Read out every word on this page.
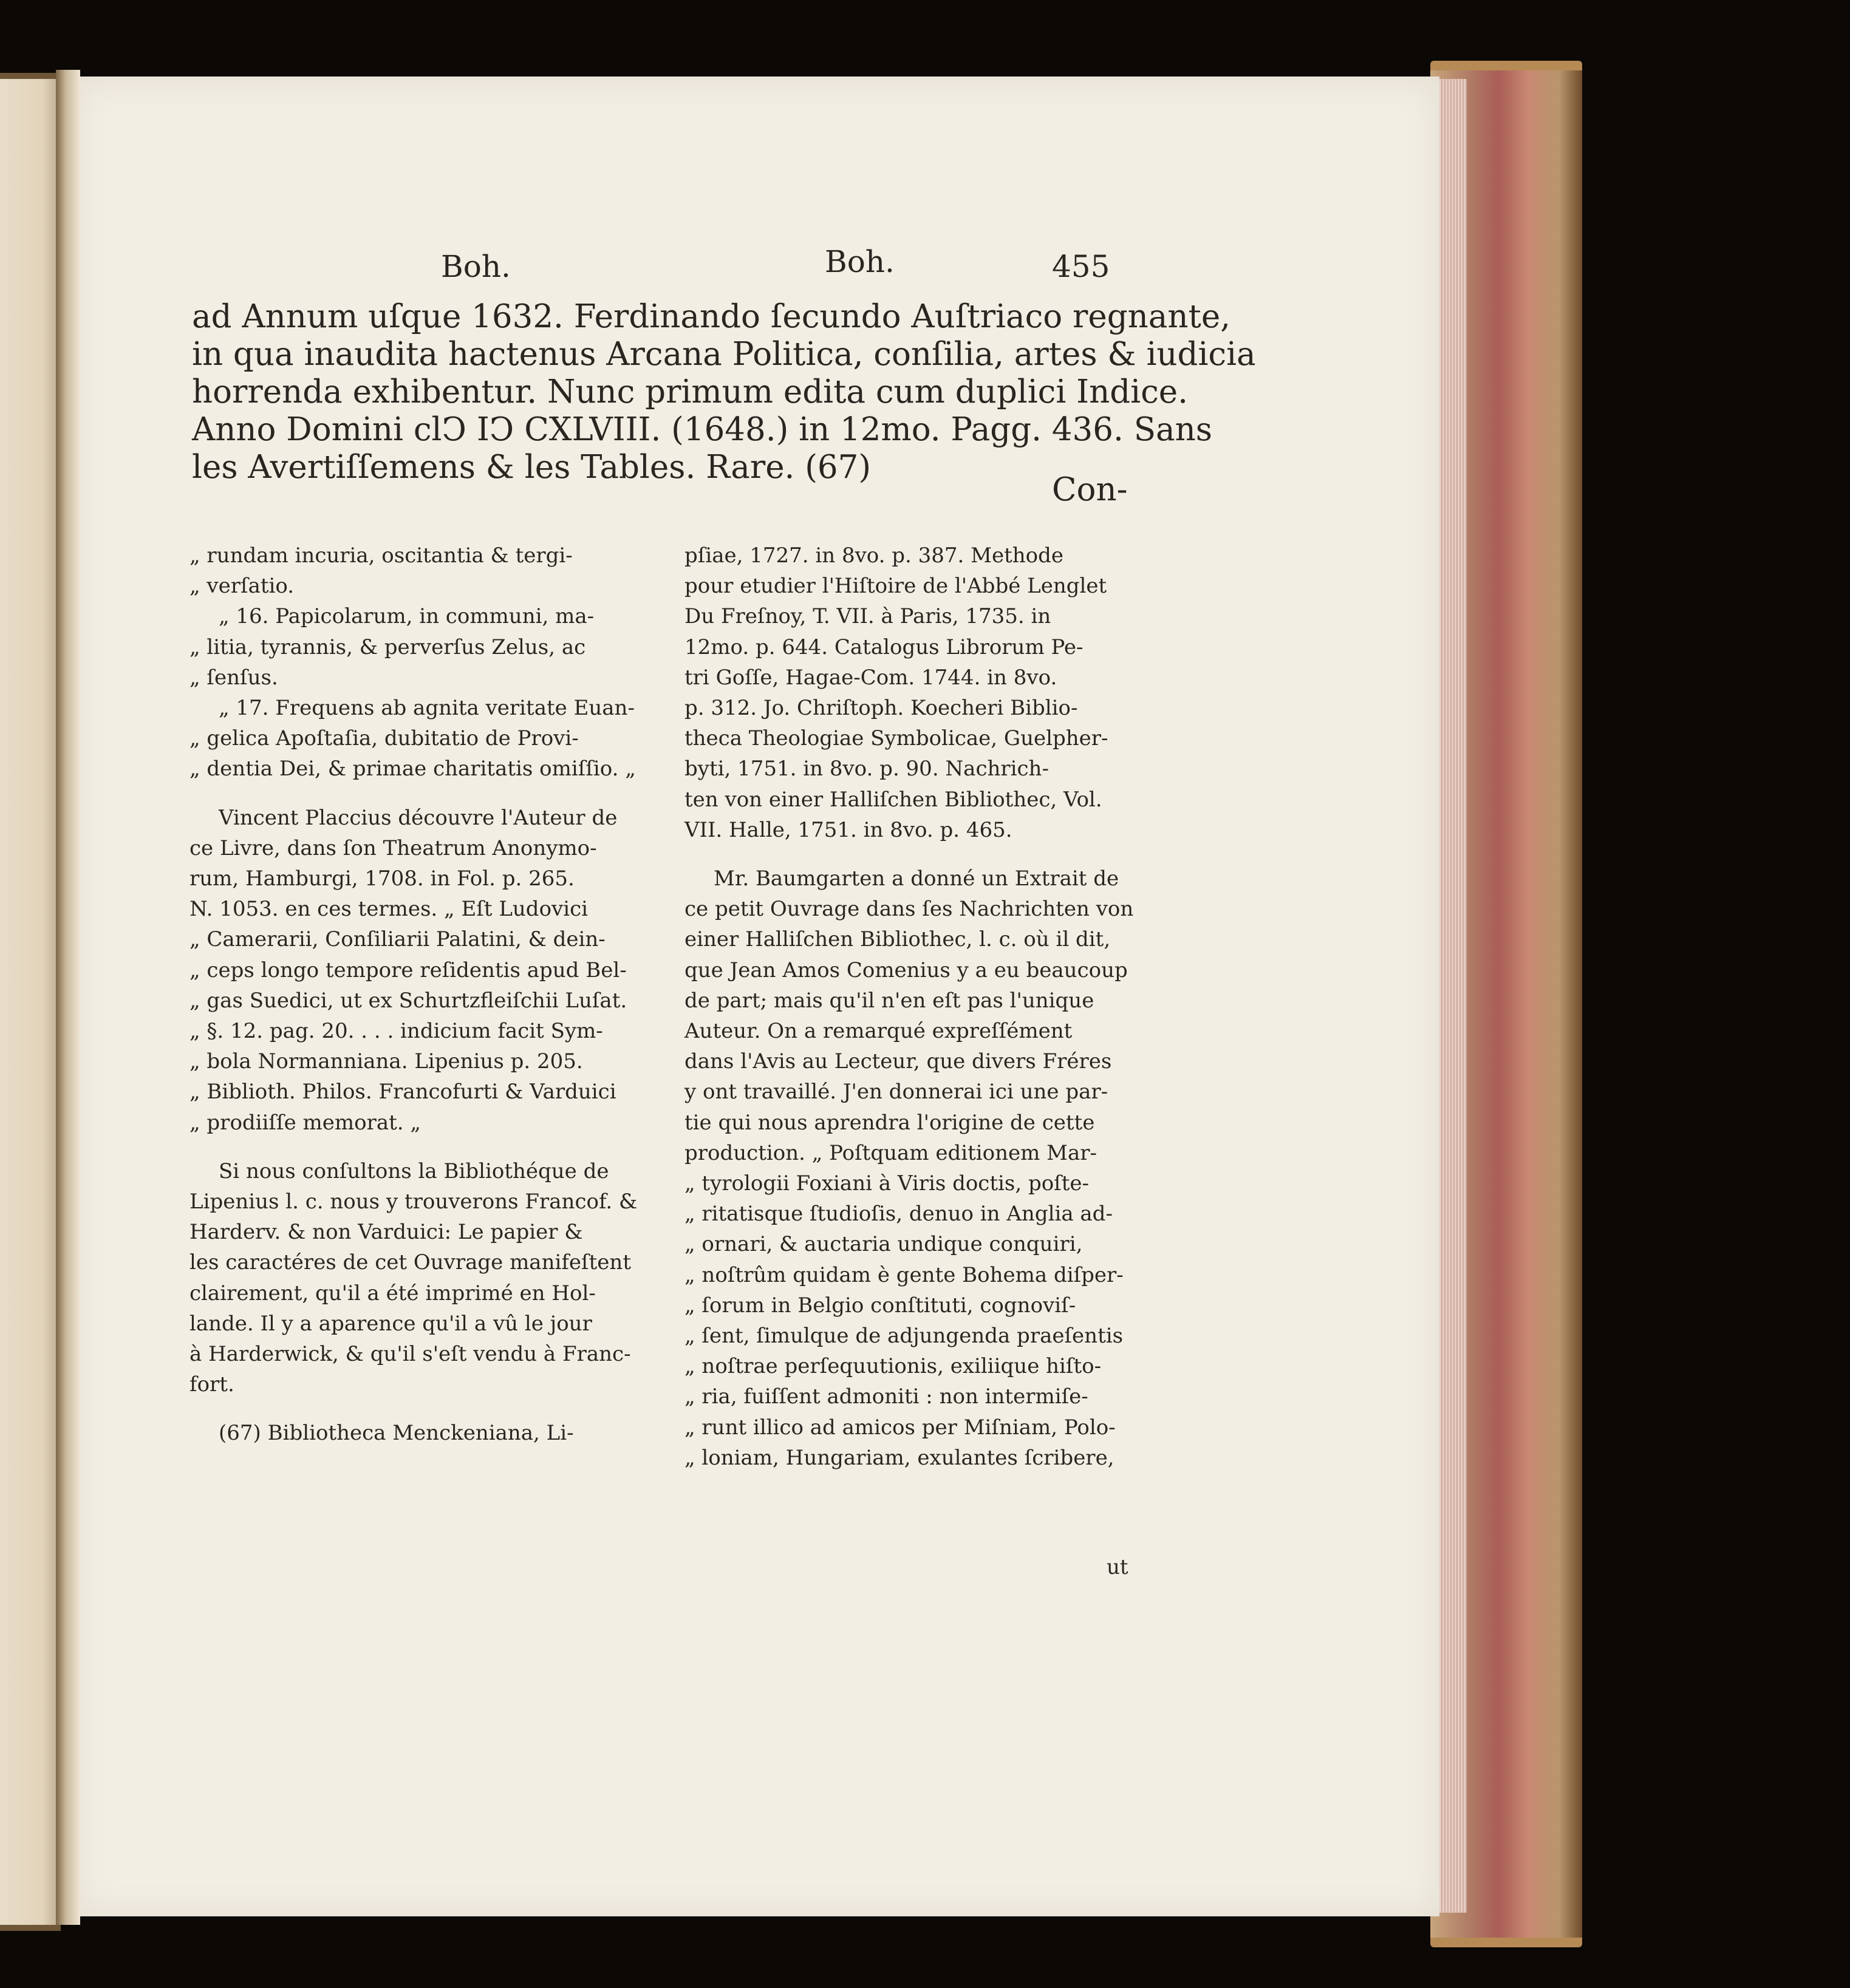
Boh.	Boh.	455
ad Annum uſque 1632. Ferdinando ſecundo Auſtriaco regnante,
in qua inaudita hactenus Arcana Politica, conſilia, artes & iudicia
horrenda exhibentur. Nunc primum edita cum duplici Indice.
Anno Domini clↃ IↃ CXLVIII. (1648.) in 12mo. Pagg. 436. Sans
les Avertiſſemens & les Tables. Rare. (67)
Con-
„ rundam incuria, oscitantia & tergi-
„ verſatio.
„ 16. Papicolarum, in communi, ma-
„ litia, tyrannis, & perverſus Zelus, ac
„ ſenſus.
„ 17. Frequens ab agnita veritate Euan-
„ gelica Apoſtaſia, dubitatio de Provi-
„ dentia Dei, & primae charitatis omiſſio. „
Vincent Placcius découvre l'Auteur de
ce Livre, dans ſon Theatrum Anonymo-
rum, Hamburgi, 1708. in Fol. p. 265.
N. 1053. en ces termes. „ Eſt Ludovici
„ Camerarii, Conſiliarii Palatini, & dein-
„ ceps longo tempore reſidentis apud Bel-
„ gas Suedici, ut ex Schurtzfleiſchii Luſat.
„ §. 12. pag. 20. . . . indicium facit Sym-
„ bola Normanniana. Lipenius p. 205.
„ Biblioth. Philos. Francofurti & Varduici
„ prodiiſſe memorat. „
Si nous conſultons la Bibliothéque de
Lipenius l. c. nous y trouverons Francof. &
Harderv. & non Varduici: Le papier &
les caractéres de cet Ouvrage manifeſtent
clairement, qu'il a été imprimé en Hol-
lande. Il y a aparence qu'il a vû le jour
à Harderwick, & qu'il s'eſt vendu à Franc-
fort.
(67) Bibliotheca Menckeniana, Li-
pſiae, 1727. in 8vo. p. 387. Methode
pour etudier l'Hiſtoire de l'Abbé Lenglet
Du Freſnoy, T. VII. à Paris, 1735. in
12mo. p. 644. Catalogus Librorum Pe-
tri Goſſe, Hagae-Com. 1744. in 8vo.
p. 312. Jo. Chriſtoph. Koecheri Biblio-
theca Theologiae Symbolicae, Guelpher-
byti, 1751. in 8vo. p. 90. Nachrich-
ten von einer Halliſchen Bibliothec, Vol.
VII. Halle, 1751. in 8vo. p. 465.
Mr. Baumgarten a donné un Extrait de
ce petit Ouvrage dans ſes Nachrichten von
einer Halliſchen Bibliothec, l. c. où il dit,
que Jean Amos Comenius y a eu beaucoup
de part; mais qu'il n'en eſt pas l'unique
Auteur. On a remarqué expreſſément
dans l'Avis au Lecteur, que divers Fréres
y ont travaillé. J'en donnerai ici une par-
tie qui nous aprendra l'origine de cette
production. „ Poſtquam editionem Mar-
„ tyrologii Foxiani à Viris doctis, poſte-
„ ritatisque ſtudioſis, denuo in Anglia ad-
„ ornari, & auctaria undique conquiri,
„ noſtrûm quidam è gente Bohema diſper-
„ ſorum in Belgio conſtituti, cognoviſ-
„ ſent, ſimulque de adjungenda praeſentis
„ noſtrae perſequutionis, exiliique hiſto-
„ ria, fuiſſent admoniti : non intermiſe-
„ runt illico ad amicos per Miſniam, Polo-
„ loniam, Hungariam, exulantes ſcribere,
ut
